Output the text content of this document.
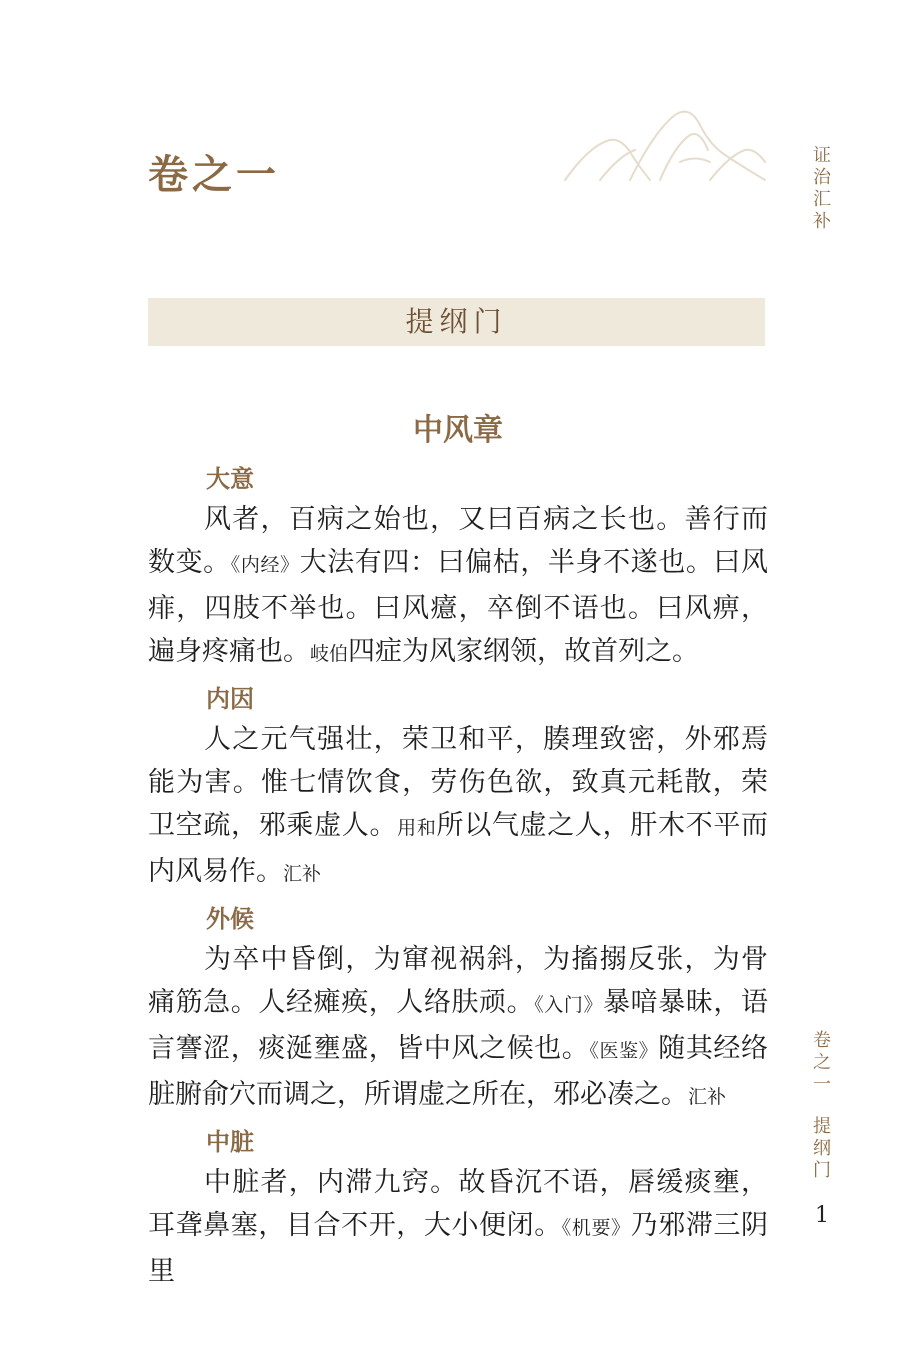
卷之一	证
治
汇
补
提纲门
中风章
大意

风者，百病之始也，又曰百病之长也。善行而数变。《内经》大法有四：曰偏枯，半身不遂也。曰风痱，四肢不举也。曰风癔，卒倒不语也。曰风痹，遍身疼痛也。岐伯四症为风家纲领，故首列之。

内因

人之元气强壮，荣卫和平，腠理致密，外邪焉能为害。惟七情饮食，劳伤色欲，致真元耗散，荣卫空疏，邪乘虚人。用和所以气虚之人，肝木不平而内风易作。汇补

外候

为卒中昏倒，为窜视祸斜，为搐搦反张，为骨痛筋急。人经瘫痪，人络肤顽。《入门》暴喑暴昧，语言謇涩，痰涎壅盛，皆中风之候也。《医鉴》随其经络脏腑俞穴而调之，所谓虚之所在，邪必凑之。汇补

中脏

中脏者，内滞九窍。故昏沉不语，唇缓痰壅，耳聋鼻塞，目合不开，大小便闭。《机要》乃邪滞三阴里

卷
之
一
提
纲
门
1
